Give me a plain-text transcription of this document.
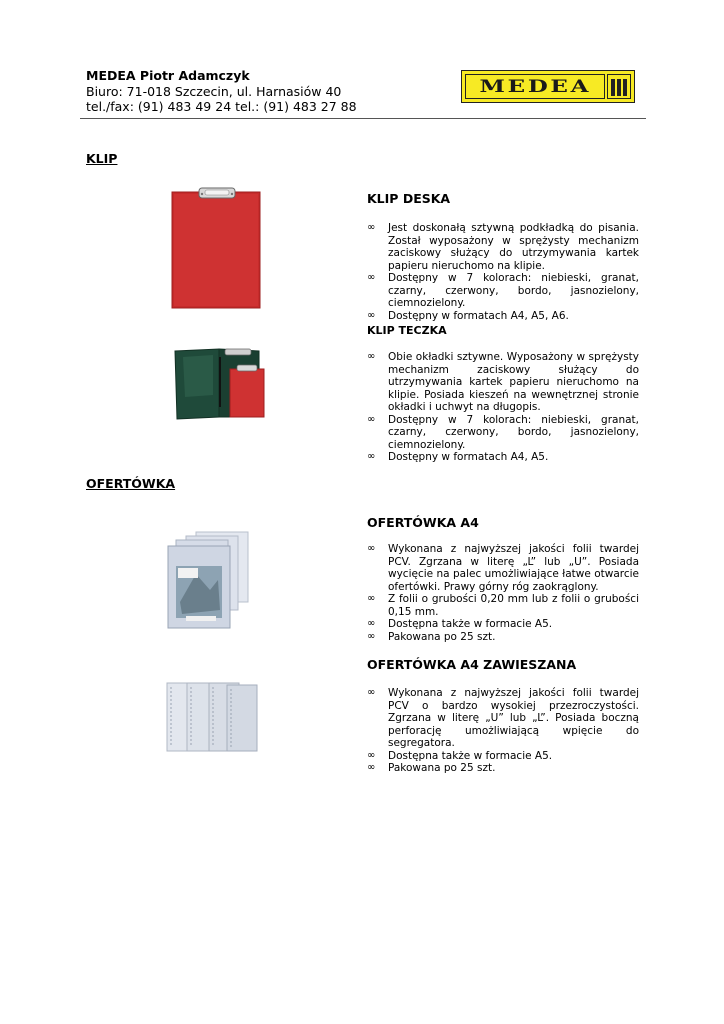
MEDEA Piotr Adamczyk
Biuro: 71-018 Szczecin, ul. Harnasiów 40
tel./fax: (91) 483 49 24 tel.: (91) 483 27 88
MEDEA
KLIP
KLIP DESKA
∞ Jest doskonałą sztywną podkładką do pisania. Został wyposażony w sprężysty mechanizm zaciskowy służący do utrzymywania kartek papieru nieruchomo na klipie.
∞ Dostępny w 7 kolorach: niebieski, granat, czarny, czerwony, bordo, jasnozielony, ciemnozielony.
∞ Dostępny w formatach A4, A5, A6.
KLIP TECZKA
∞ Obie okładki sztywne. Wyposażony w sprężysty mechanizm zaciskowy służący do utrzymywania kartek papieru nieruchomo na klipie. Posiada kieszeń na wewnętrznej stronie okładki i uchwyt na długopis.
∞ Dostępny w 7 kolorach: niebieski, granat, czarny, czerwony, bordo, jasnozielony, ciemnozielony.
∞ Dostępny w formatach A4, A5.
OFERTÓWKA
OFERTÓWKA A4
∞ Wykonana z najwyższej jakości folii twardej PCV. Zgrzana w literę „L” lub „U”. Posiada wycięcie na palec umożliwiające łatwe otwarcie ofertówki. Prawy górny róg zaokrąglony.
∞ Z folii o grubości 0,20 mm lub z folii o grubości 0,15 mm.
∞ Dostępna także w formacie A5.
∞ Pakowana po 25 szt.
OFERTÓWKA A4 ZAWIESZANA
∞ Wykonana z najwyższej jakości folii twardej PCV o bardzo wysokiej przezroczystości. Zgrzana w literę „U” lub „L”. Posiada boczną perforację umożliwiającą wpięcie do segregatora.
∞ Dostępna także w formacie A5.
∞ Pakowana po 25 szt.
